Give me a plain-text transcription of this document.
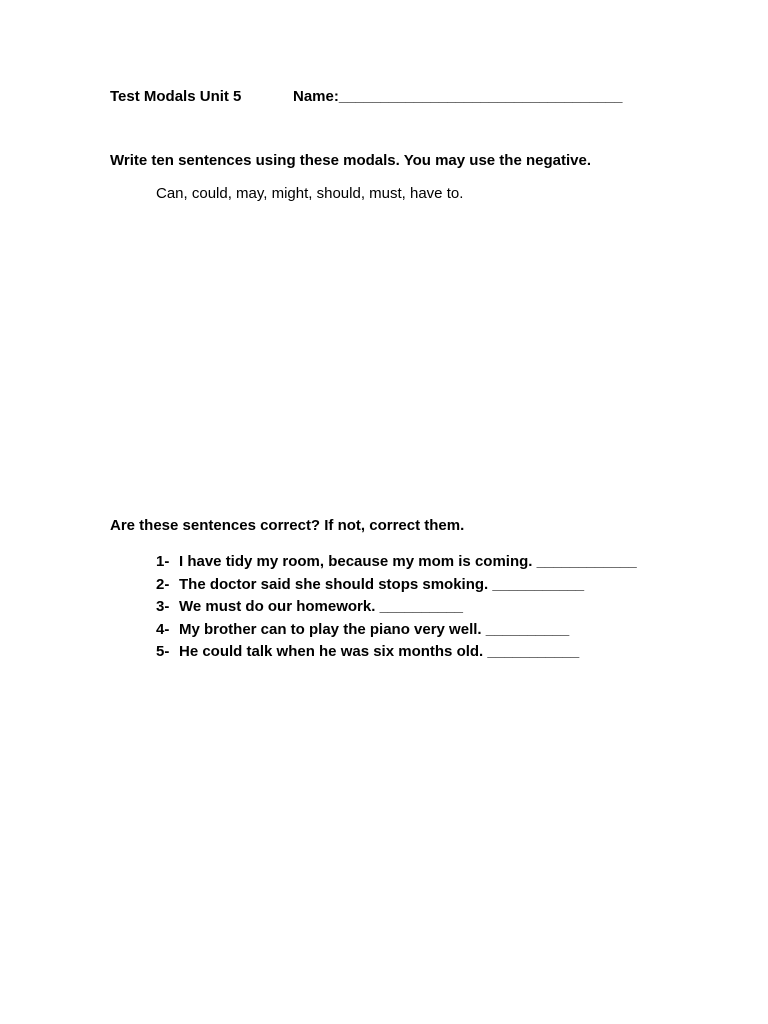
Test Modals Unit 5	Name:__________________________________
Write ten sentences using these modals. You may use the negative.
Can, could, may, might, should, must, have to.
Are these sentences correct? If not, correct them.
1- I have tidy my room, because my mom is coming. ____________
2- The doctor said she should stops smoking. ___________
3- We must do our homework. __________
4- My brother can to play the piano very well. __________
5- He could talk when he was six months old. ___________
